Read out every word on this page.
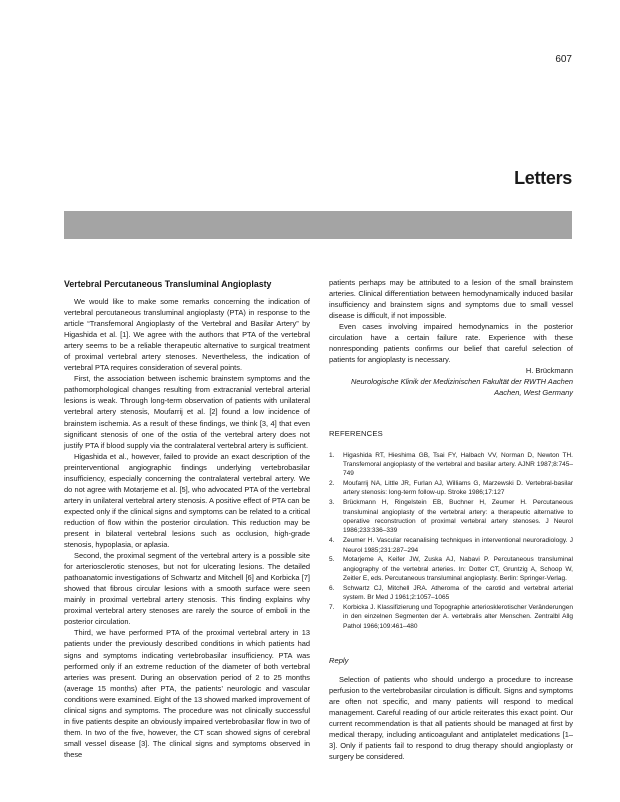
607
Letters
Vertebral Percutaneous Transluminal Angioplasty

We would like to make some remarks concerning the indication of vertebral percutaneous transluminal angioplasty (PTA) in response to the article “Transfemoral Angioplasty of the Vertebral and Basilar Artery” by Higashida et al. [1]. We agree with the authors that PTA of the vertebral artery seems to be a reliable therapeutic alternative to surgical treatment of proximal vertebral artery stenoses. Nevertheless, the indication of vertebral PTA requires consideration of several points.

First, the association between ischemic brainstem symptoms and the pathomorphological changes resulting from extracranial vertebral arterial lesions is weak. Through long-term observation of patients with unilateral vertebral artery stenosis, Moufarrij et al. [2] found a low incidence of brainstem ischemia. As a result of these findings, we think [3, 4] that even significant stenosis of one of the ostia of the vertebral artery does not justify PTA if blood supply via the contralateral vertebral artery is sufficient.

Higashida et al., however, failed to provide an exact description of the preinterventional angiographic findings underlying vertebrobasilar insufficiency, especially concerning the contralateral vertebral artery. We do not agree with Motarjeme et al. [5], who advocated PTA of the vertebral artery in unilateral vertebral artery stenosis. A positive effect of PTA can be expected only if the clinical signs and symptoms can be related to a critical reduction of flow within the posterior circulation. This reduction may be present in bilateral vertebral lesions such as occlusion, high-grade stenosis, hypoplasia, or aplasia.

Second, the proximal segment of the vertebral artery is a possible site for arteriosclerotic stenoses, but not for ulcerating lesions. The detailed pathoanatomic investigations of Schwartz and Mitchell [6] and Korbicka [7] showed that fibrous circular lesions with a smooth surface were seen mainly in proximal vertebral artery stenosis. This finding explains why proximal vertebral artery stenoses are rarely the source of emboli in the posterior circulation.

Third, we have performed PTA of the proximal vertebral artery in 13 patients under the previously described conditions in which patients had signs and symptoms indicating vertebrobasilar insufficiency. PTA was performed only if an extreme reduction of the diameter of both vertebral arteries was present. During an observation period of 2 to 25 months (average 15 months) after PTA, the patients’ neurologic and vascular conditions were examined. Eight of the 13 showed marked improvement of clinical signs and symptoms. The procedure was not clinically successful in five patients despite an obviously impaired vertebrobasilar flow in two of them. In two of the five, however, the CT scan showed signs of cerebral small vessel disease [3]. The clinical signs and symptoms observed in these

patients perhaps may be attributed to a lesion of the small brainstem arteries. Clinical differentiation between hemodynamically induced basilar insufficiency and brainstem signs and symptoms due to small vessel disease is difficult, if not impossible.

Even cases involving impaired hemodynamics in the posterior circulation have a certain failure rate. Experience with these nonresponding patients confirms our belief that careful selection of patients for angioplasty is necessary.

H. Brückmann
Neurologische Klinik der Medizinischen Fakultät der RWTH Aachen
Aachen, West Germany
REFERENCES
1. Higashida RT, Hieshima GB, Tsai FY, Halbach VV, Norman D, Newton TH. Transfemoral angioplasty of the vertebral and basilar artery. AJNR 1987;8:745–749
2. Moufarrij NA, Little JR, Furlan AJ, Williams G, Marzewski D. Vertebral-basilar artery stenosis: long-term follow-up. Stroke 1986;17:127
3. Brückmann H, Ringelstein EB, Buchner H, Zeumer H. Percutaneous transluminal angioplasty of the vertebral artery: a therapeutic alternative to operative reconstruction of proximal vertebral artery stenoses. J Neurol 1986;233:336–339
4. Zeumer H. Vascular recanalising techniques in interventional neuroradiology. J Neurol 1985;231:287–294
5. Motarjeme A, Keifer JW, Zuska AJ, Nabavi P. Percutaneous transluminal angiography of the vertebral arteries. In: Dotter CT, Gruntzig A, Schoop W, Zeitler E, eds. Percutaneous transluminal angioplasty. Berlin: Springer-Verlag.
6. Schwartz CJ, Mitchell JRA. Atheroma of the carotid and vertebral arterial system. Br Med J 1961;2:1057–1065
7. Korbicka J. Klassifizierung und Topographie arteriosklerotischer Veränderungen in den einzelnen Segmenten der A. vertebralis alter Menschen. Zentralbl Allg Pathol 1966;109:461–480
Reply

Selection of patients who should undergo a procedure to increase perfusion to the vertebrobasilar circulation is difficult. Signs and symptoms are often not specific, and many patients will respond to medical management. Careful reading of our article reiterates this exact point. Our current recommendation is that all patients should be managed at first by medical therapy, including anticoagulant and antiplatelet medications [1–3]. Only if patients fail to respond to drug therapy should angioplasty or surgery be considered.
